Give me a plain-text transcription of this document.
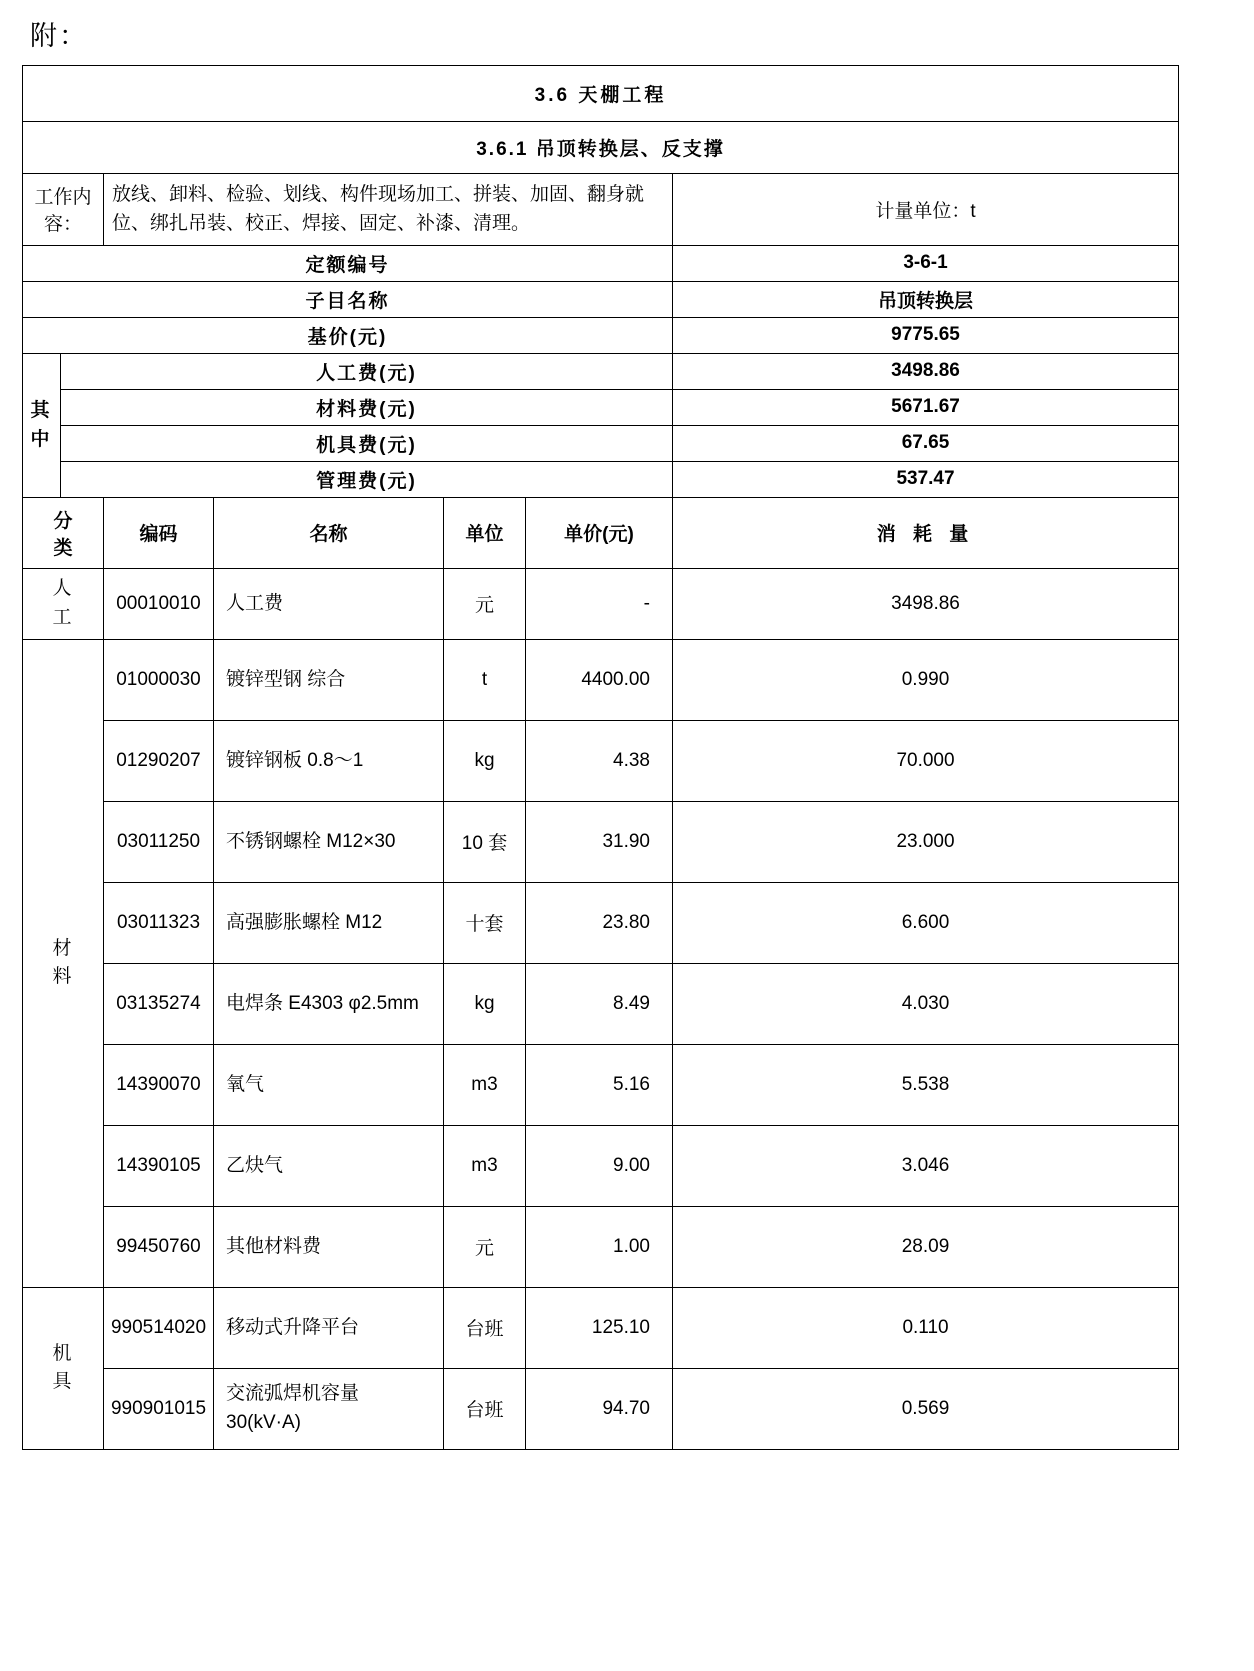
附：
3.6 天棚工程						
3.6.1 吊顶转换层、反支撑						
工作内容：		放线、卸料、检验、划线、构件现场加工、拼装、加固、翻身就位、绑扎吊装、校正、焊接、固定、补漆、清理。				计量单位：t
定额编号						3-6-1
子目名称						吊顶转换层
基价(元)						9775.65
其
中	人工费(元)					3498.86
	材料费(元)					5671.67
	机具费(元)					67.65
	管理费(元)					537.47
分
类		编码	名称	单位	单价(元)	消 耗 量
人
工		00010010	人工费	元	-	3498.86
材
料		01000030	镀锌型钢 综合	t	4400.00	0.990
		01290207	镀锌钢板 0.8～1	kg	4.38	70.000
		03011250	不锈钢螺栓 M12×30	10 套	31.90	23.000
		03011323	高强膨胀螺栓 M12	十套	23.80	6.600
		03135274	电焊条 E4303 φ2.5mm	kg	8.49	4.030
		14390070	氧气	m3	5.16	5.538
		14390105	乙炔气	m3	9.00	3.046
		99450760	其他材料费	元	1.00	28.09
机
具		990514020	移动式升降平台	台班	125.10	0.110
		990901015	交流弧焊机容量 30(kV·A)	台班	94.70	0.569
